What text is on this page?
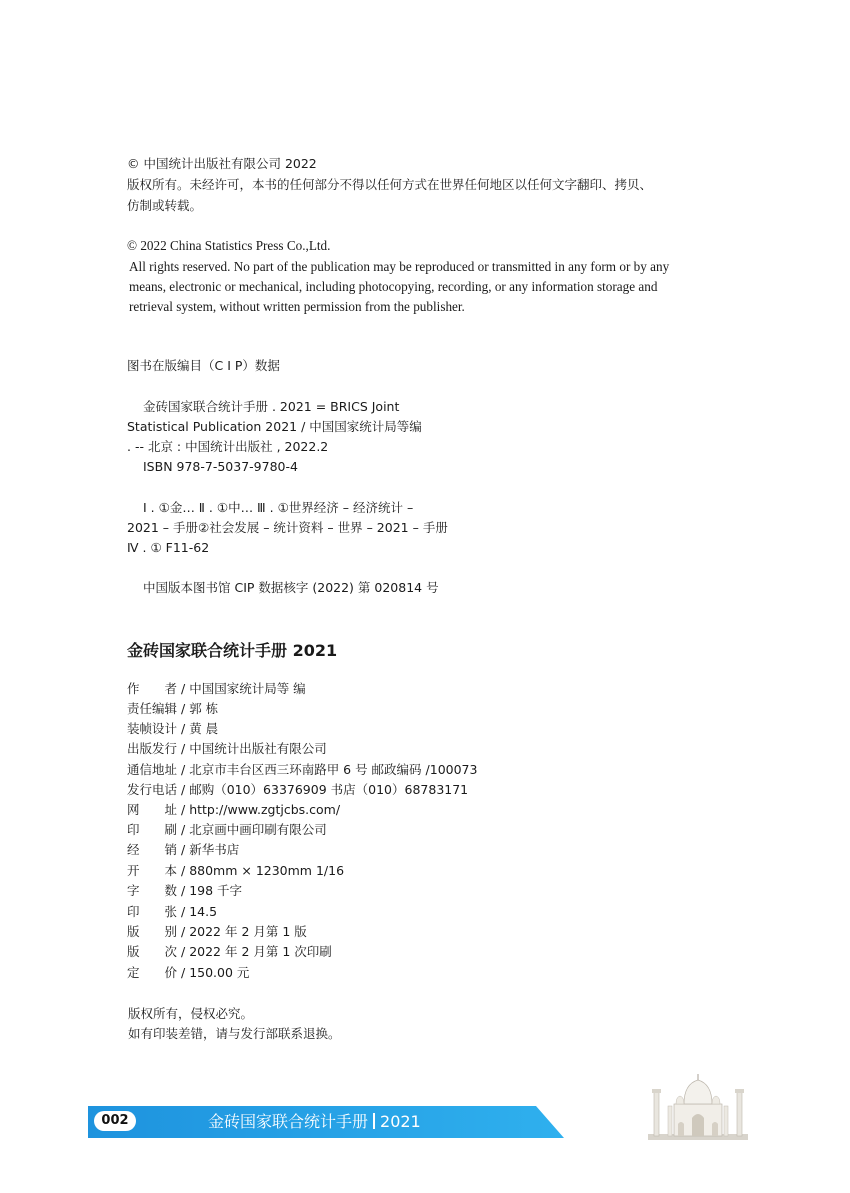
© 中国统计出版社有限公司 2022
版权所有。未经许可，本书的任何部分不得以任何方式在世界任何地区以任何文字翻印、拷贝、
仿制或转载。
© 2022 China Statistics Press Co.,Ltd.
All rights reserved. No part of the publication may be reproduced or transmitted in any form or by any
means, electronic or mechanical, including photocopying, recording, or any information storage and
retrieval system, without written permission from the publisher.
图书在版编目（C I P）数据
金砖国家联合统计手册 . 2021 = BRICS Joint
Statistical Publication 2021 / 中国国家统计局等编
. -- 北京 : 中国统计出版社 , 2022.2
ISBN 978-7-5037-9780-4
Ⅰ . ①金… Ⅱ . ①中… Ⅲ . ①世界经济 – 经济统计 –
2021 – 手册②社会发展 – 统计资料 – 世界 – 2021 – 手册
Ⅳ . ① F11-62
中国版本图书馆 CIP 数据核字 (2022) 第 020814 号
金砖国家联合统计手册 2021
作　　者 / 中国国家统计局等 编
责任编辑 / 郭 栋
装帧设计 / 黄 晨
出版发行 / 中国统计出版社有限公司
通信地址 / 北京市丰台区西三环南路甲 6 号 邮政编码 /100073
发行电话 / 邮购（010）63376909 书店（010）68783171
网　　址 / http://www.zgtjcbs.com/
印　　刷 / 北京画中画印刷有限公司
经　　销 / 新华书店
开　　本 / 880mm × 1230mm 1/16
字　　数 / 198 千字
印　　张 / 14.5
版　　别 / 2022 年 2 月第 1 版
版　　次 / 2022 年 2 月第 1 次印刷
定　　价 / 150.00 元
版权所有，侵权必究。
如有印装差错，请与发行部联系退换。
002	金砖国家联合统计手册 2021
